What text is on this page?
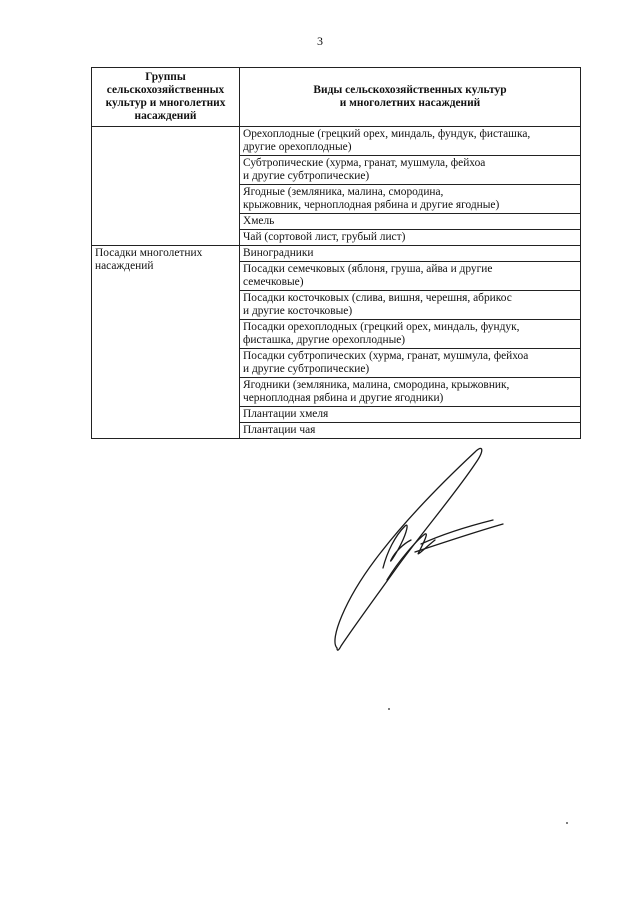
3
Группы
сельскохозяйственных
культур и многолетних
насаждений	Виды сельскохозяйственных культур
и многолетних насаждений
	Орехоплодные (грецкий орех, миндаль, фундук, фисташка,
другие орехоплодные)
	Субтропические (хурма, гранат, мушмула, фейхоа
и другие субтропические)
	Ягодные (земляника, малина, смородина,
крыжовник, черноплодная рябина и другие ягодные)
	Хмель
	Чай (сортовой лист, грубый лист)
Посадки многолетних
насаждений	Виноградники
	Посадки семечковых (яблоня, груша, айва и другие
семечковые)
	Посадки косточковых (слива, вишня, черешня, абрикос
и другие косточковые)
	Посадки орехоплодных (грецкий орех, миндаль, фундук,
фисташка, другие орехоплодные)
	Посадки субтропических (хурма, гранат, мушмула, фейхоа
и другие субтропические)
	Ягодники (земляника, малина, смородина, крыжовник,
черноплодная рябина и другие ягодники)
	Плантации хмеля
	Плантации чая
